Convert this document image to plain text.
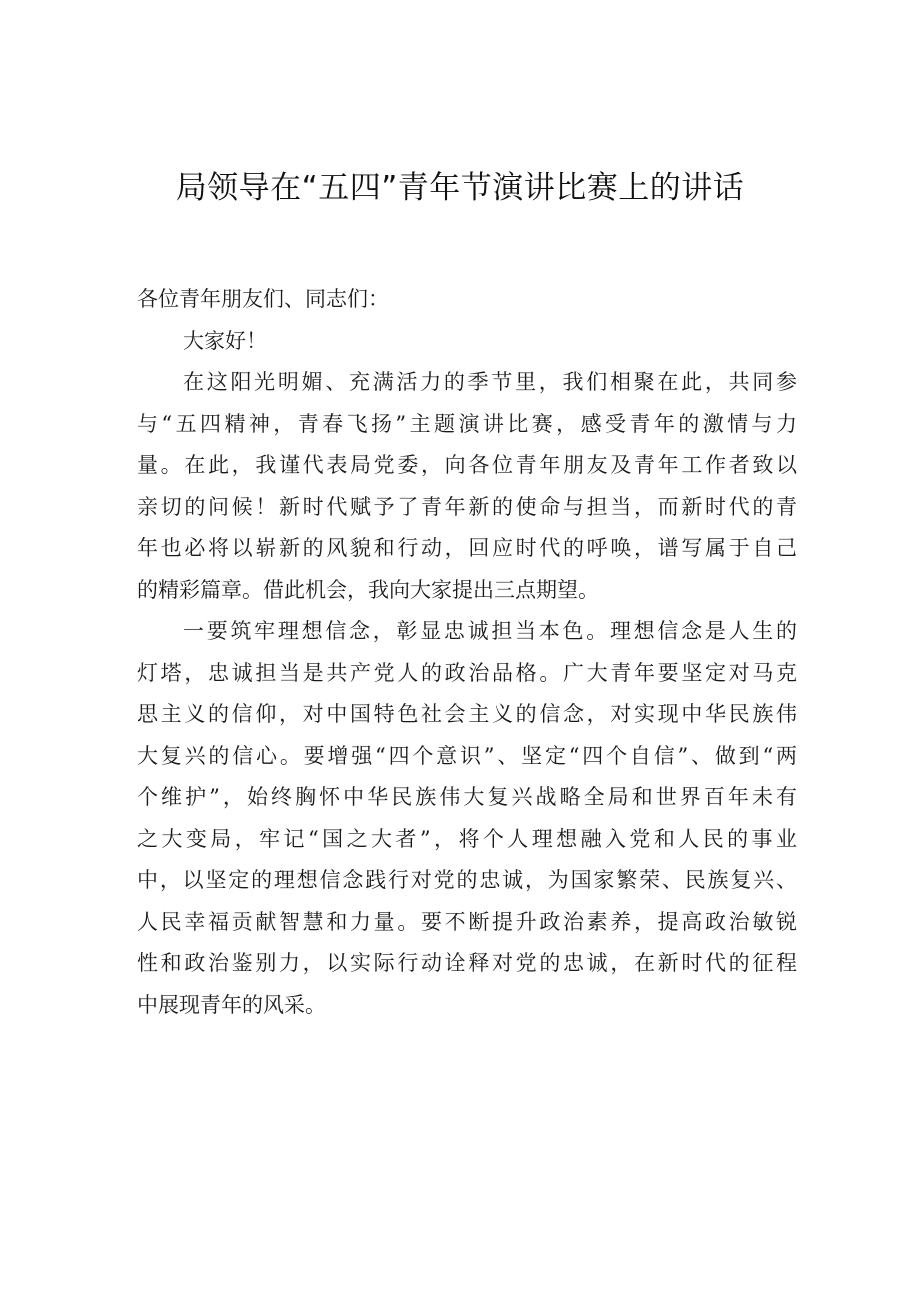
局领导在“五四”青年节演讲比赛上的讲话
各位青年朋友们、同志们：
大家好！
在这阳光明媚、充满活力的季节里，我们相聚在此，共同参
与“五四精神，青春飞扬”主题演讲比赛，感受青年的激情与力
量。在此，我谨代表局党委，向各位青年朋友及青年工作者致以
亲切的问候！新时代赋予了青年新的使命与担当，而新时代的青
年也必将以崭新的风貌和行动，回应时代的呼唤，谱写属于自己
的精彩篇章。借此机会，我向大家提出三点期望。
一要筑牢理想信念，彰显忠诚担当本色。理想信念是人生的
灯塔，忠诚担当是共产党人的政治品格。广大青年要坚定对马克
思主义的信仰，对中国特色社会主义的信念，对实现中华民族伟
大复兴的信心。要增强“四个意识”、坚定“四个自信”、做到“两
个维护”，始终胸怀中华民族伟大复兴战略全局和世界百年未有
之大变局，牢记“国之大者”，将个人理想融入党和人民的事业
中，以坚定的理想信念践行对党的忠诚，为国家繁荣、民族复兴、
人民幸福贡献智慧和力量。要不断提升政治素养，提高政治敏锐
性和政治鉴别力，以实际行动诠释对党的忠诚，在新时代的征程
中展现青年的风采。
